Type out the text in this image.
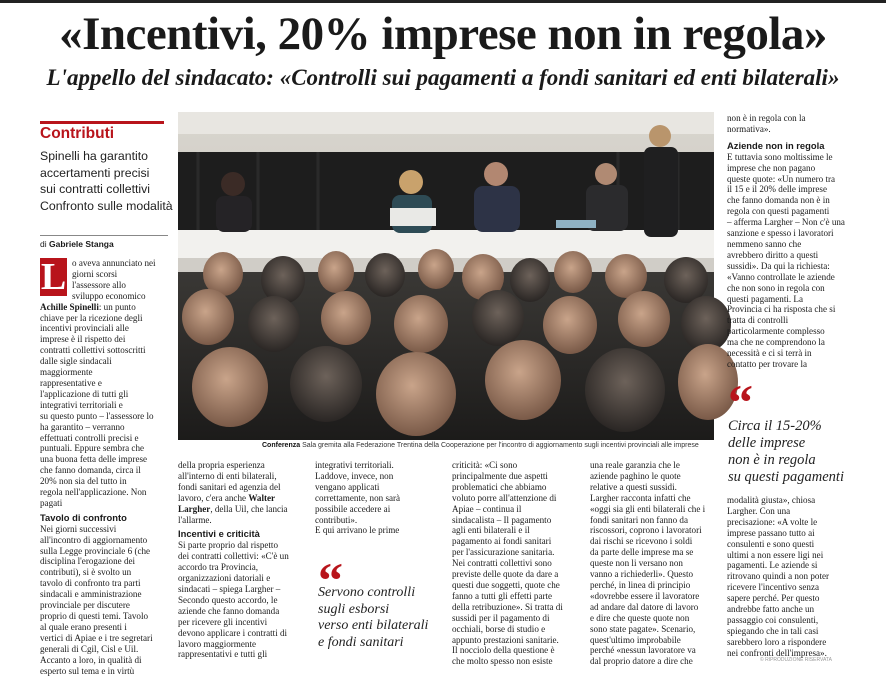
«Incentivi, 20% imprese non in regola»
L'appello del sindacato: «Controlli sui pagamenti a fondi sanitari ed enti bilaterali»
Contributi
Spinelli ha garantito
accertamenti precisi
sui contratti collettivi
Confronto sulle modalità
di Gabriele Stanga
L o aveva annunciato nei
giorni scorsi
l'assessore allo
sviluppo economico
Achille Spinelli: un punto
chiave per la ricezione degli
incentivi provinciali alle
imprese è il rispetto dei
contratti collettivi sottoscritti
dalle sigle sindacali
maggiormente
rappresentative e
l'applicazione di tutti gli
integrativi territoriali e
su questo punto – l'assessore lo
ha garantito – verranno
effettuati controlli precisi e
puntuali. Eppure sembra che
una buona fetta delle imprese
che fanno domanda, circa il
20% non sia del tutto in
regola nell'applicazione. Non
pagati
Tavolo di confronto
Nei giorni successivi
all'incontro di aggiornamento
sulla Legge provinciale 6 (che
disciplina l'erogazione dei
contributi), si è svolto un
tavolo di confronto tra parti
sindacali e amministrazione
provinciale per discutere
proprio di questi temi. Tavolo
al quale erano presenti i
vertici di Apiae e i tre segretari
generali di Cgil, Cisl e Uil.
Accanto a loro, in qualità di
esperto sul tema e in virtù
Conferenza Sala gremita alla Federazione Trentina della Cooperazione per l'incontro di aggiornamento sugli incentivi provinciali alle imprese
della propria esperienza
all'interno di enti bilaterali,
fondi sanitari ed agenzia del
lavoro, c'era anche Walter
Largher, della Uil, che lancia
l'allarme.
Incentivi e criticità
Si parte proprio dal rispetto
dei contratti collettivi: «C'è un
accordo tra Provincia,
organizzazioni datoriali e
sindacati – spiega Largher –
Secondo questo accordo, le
aziende che fanno domanda
per ricevere gli incentivi
devono applicare i contratti di
lavoro maggiormente
rappresentativi e tutti gli
integrativi territoriali.
Laddove, invece, non
vengano applicati
correttamente, non sarà
possibile accedere ai
contributi».
E qui arrivano le prime
“
Servono controlli
sugli esborsi
verso enti bilaterali
e fondi sanitari
criticità: «Ci sono
principalmente due aspetti
problematici che abbiamo
voluto porre all'attenzione di
Apiae – continua il
sindacalista – Il pagamento
agli enti bilaterali e il
pagamento ai fondi sanitari
per l'assicurazione sanitaria.
Nei contratti collettivi sono
previste delle quote da dare a
questi due soggetti, quote che
fanno a tutti gli effetti parte
della retribuzione». Si tratta di
sussidi per il pagamento di
occhiali, borse di studio e
appunto prestazioni sanitarie.
Il nocciolo della questione è
che molto spesso non esiste
una reale garanzia che le
aziende paghino le quote
relative a questi sussidi.
Largher racconta infatti che
«oggi sia gli enti bilaterali che i
fondi sanitari non fanno da
riscossori, coprono i lavoratori
dai rischi se ricevono i soldi
da parte delle imprese ma se
queste non li versano non
vanno a richiederli». Questo
perché, in linea di principio
«dovrebbe essere il lavoratore
ad andare dal datore di lavoro
e dire che queste quote non
sono state pagate». Scenario,
quest'ultimo improbabile
perché «nessun lavoratore va
dal proprio datore a dire che
non è in regola con la
normativa».
Aziende non in regola
E tuttavia sono moltissime le
imprese che non pagano
queste quote: «Un numero tra
il 15 e il 20% delle imprese
che fanno domanda non è in
regola con questi pagamenti
– afferma Largher – Non c'è una
sanzione e spesso i lavoratori
nemmeno sanno che
avrebbero diritto a questi
sussidi». Da qui la richiesta:
«Vanno controllate le aziende
che non sono in regola con
questi pagamenti. La
Provincia ci ha risposta che si
tratta di controlli
particolarmente complesso
ma che ne comprendono la
necessità e ci si terrà in
contatto per trovare la
“
Circa il 15-20%
delle imprese
non è in regola
su questi pagamenti
modalità giusta», chiosa
Largher. Con una
precisazione: «A volte le
imprese passano tutto ai
consulenti e sono questi
ultimi a non essere ligi nei
pagamenti. Le aziende si
ritrovano quindi a non poter
ricevere l'incentivo senza
sapere perché. Per questo
andrebbe fatto anche un
passaggio coi consulenti,
spiegando che in tali casi
sarebbero loro a rispondere
nei confronti dell'impresa».
© RIPRODUZIONE RISERVATA
